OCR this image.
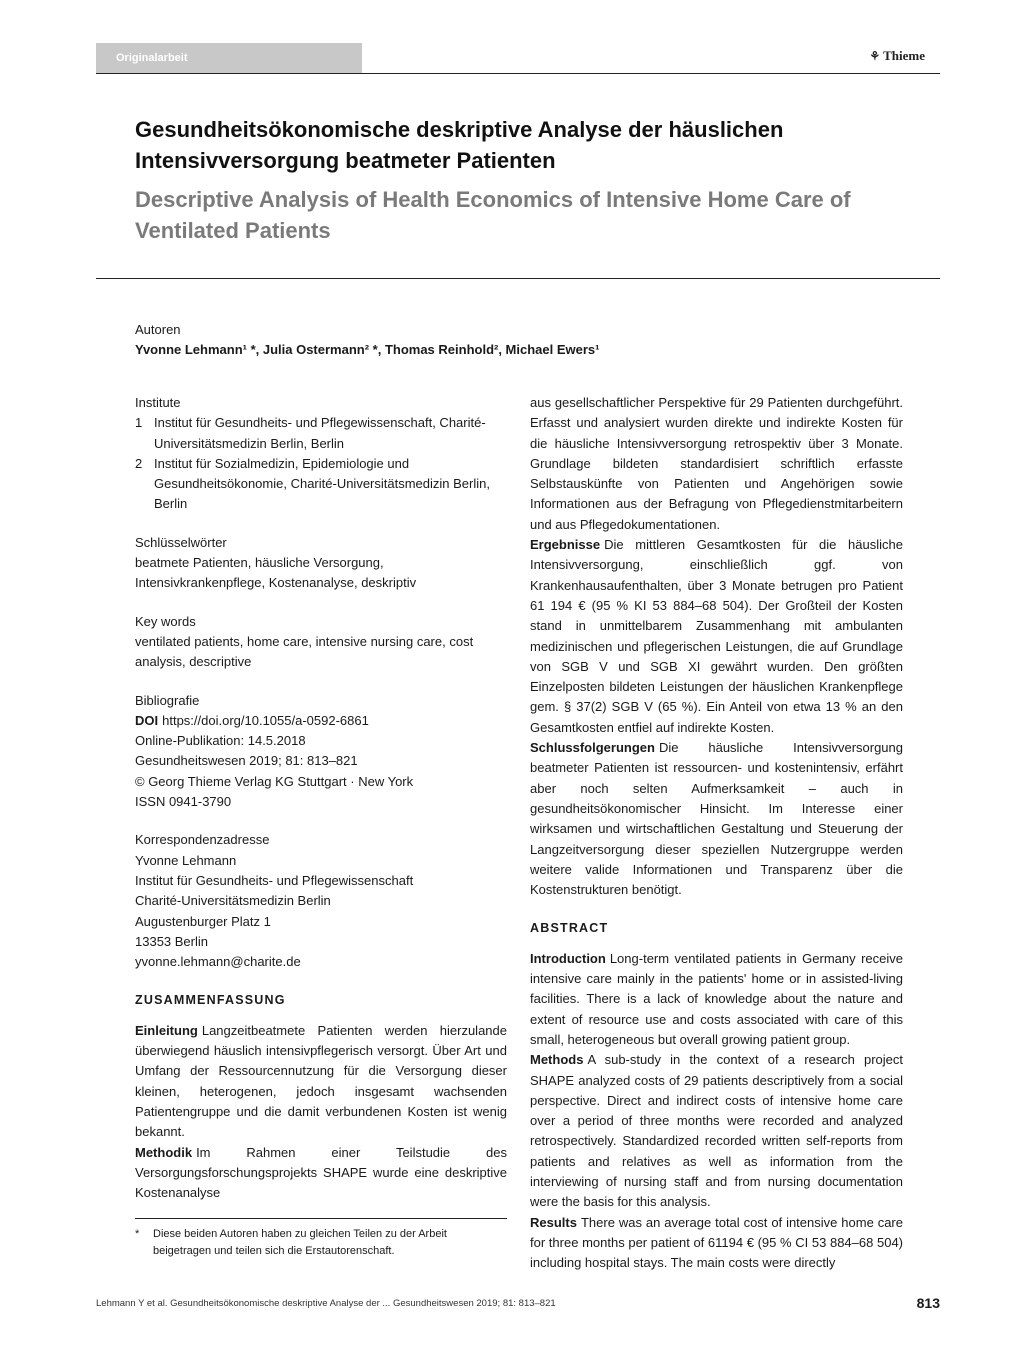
Originalarbeit	⚘ Thieme
Gesundheitsökonomische deskriptive Analyse der häuslichen Intensivversorgung beatmeter Patienten
Descriptive Analysis of Health Economics of Intensive Home Care of Ventilated Patients
Autoren
Yvonne Lehmann¹ *, Julia Ostermann² *, Thomas Reinhold², Michael Ewers¹
Institute
1 Institut für Gesundheits- und Pflegewissenschaft, Charité-Universitätsmedizin Berlin, Berlin
2 Institut für Sozialmedizin, Epidemiologie und Gesundheitsökonomie, Charité-Universitätsmedizin Berlin, Berlin
Schlüsselwörter
beatmete Patienten, häusliche Versorgung, Intensivkrankenpflege, Kostenanalyse, deskriptiv
Key words
ventilated patients, home care, intensive nursing care, cost analysis, descriptive
Bibliografie
DOI https://doi.org/10.1055/a-0592-6861
Online-Publikation: 14.5.2018
Gesundheitswesen 2019; 81: 813–821
© Georg Thieme Verlag KG Stuttgart · New York
ISSN 0941-3790
Korrespondenzadresse
Yvonne Lehmann
Institut für Gesundheits- und Pflegewissenschaft
Charité-Universitätsmedizin Berlin
Augustenburger Platz 1
13353 Berlin
yvonne.lehmann@charite.de
ZUSAMMENFASSUNG
Einleitung Langzeitbeatmete Patienten werden hierzulande überwiegend häuslich intensivpflegerisch versorgt. Über Art und Umfang der Ressourcennutzung für die Versorgung dieser kleinen, heterogenen, jedoch insgesamt wachsenden Patientengruppe und die damit verbundenen Kosten ist wenig bekannt.
Methodik Im Rahmen einer Teilstudie des Versorgungsforschungsprojekts SHAPE wurde eine deskriptive Kostenanalyse
aus gesellschaftlicher Perspektive für 29 Patienten durchgeführt. Erfasst und analysiert wurden direkte und indirekte Kosten für die häusliche Intensivversorgung retrospektiv über 3 Monate. Grundlage bildeten standardisiert schriftlich erfasste Selbstauskünfte von Patienten und Angehörigen sowie Informationen aus der Befragung von Pflegedienstmitarbeitern und aus Pflegedokumentationen.
Ergebnisse Die mittleren Gesamtkosten für die häusliche Intensivversorgung, einschließlich ggf. von Krankenhausaufenthalten, über 3 Monate betrugen pro Patient 61 194 € (95 % KI 53 884–68 504). Der Großteil der Kosten stand in unmittelbarem Zusammenhang mit ambulanten medizinischen und pflegerischen Leistungen, die auf Grundlage von SGB V und SGB XI gewährt wurden. Den größten Einzelposten bildeten Leistungen der häuslichen Krankenpflege gem. § 37(2) SGB V (65 %). Ein Anteil von etwa 13 % an den Gesamtkosten entfiel auf indirekte Kosten.
Schlussfolgerungen Die häusliche Intensivversorgung beatmeter Patienten ist ressourcen- und kostenintensiv, erfährt aber noch selten Aufmerksamkeit – auch in gesundheitsökonomischer Hinsicht. Im Interesse einer wirksamen und wirtschaftlichen Gestaltung und Steuerung der Langzeitversorgung dieser speziellen Nutzergruppe werden weitere valide Informationen und Transparenz über die Kostenstrukturen benötigt.
ABSTRACT
Introduction Long-term ventilated patients in Germany receive intensive care mainly in the patients' home or in assisted-living facilities. There is a lack of knowledge about the nature and extent of resource use and costs associated with care of this small, heterogeneous but overall growing patient group.
Methods A sub-study in the context of a research project SHAPE analyzed costs of 29 patients descriptively from a social perspective. Direct and indirect costs of intensive home care over a period of three months were recorded and analyzed retrospectively. Standardized recorded written self-reports from patients and relatives as well as information from the interviewing of nursing staff and from nursing documentation were the basis for this analysis.
Results There was an average total cost of intensive home care for three months per patient of 61194 € (95 % CI 53 884–68 504) including hospital stays. The main costs were directly
*	Diese beiden Autoren haben zu gleichen Teilen zu der Arbeit beigetragen und teilen sich die Erstautorenschaft.
Lehmann Y et al. Gesundheitsökonomische deskriptive Analyse der ... Gesundheitswesen 2019; 81: 813–821	813
